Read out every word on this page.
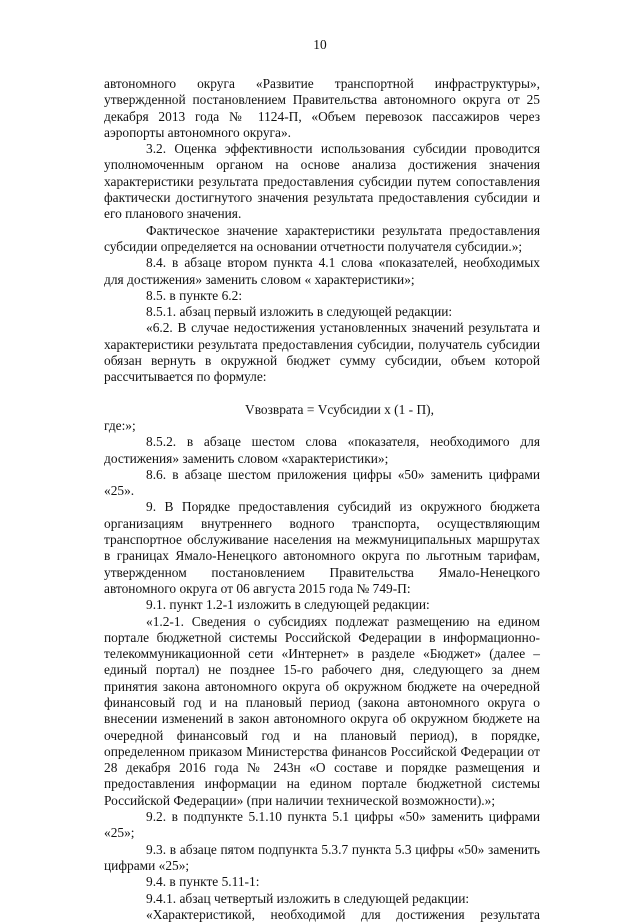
10

автономного округа «Развитие транспортной инфраструктуры», утвержденной постановлением Правительства автономного округа от 25 декабря 2013 года № 1124-П, «Объем перевозок пассажиров через аэропорты автономного округа».

3.2. Оценка эффективности использования субсидии проводится уполномоченным органом на основе анализа достижения значения характеристики результата предоставления субсидии путем сопоставления фактически достигнутого значения результата предоставления субсидии и его планового значения.

Фактическое значение характеристики результата предоставления субсидии определяется на основании отчетности получателя субсидии.»;

8.4. в абзаце втором пункта 4.1 слова «показателей, необходимых для достижения» заменить словом « характеристики»;

8.5. в пункте 6.2:

8.5.1. абзац первый изложить в следующей редакции:

«6.2. В случае недостижения установленных значений результата и характеристики результата предоставления субсидии, получатель субсидии обязан вернуть в окружной бюджет сумму субсидии, объем которой рассчитывается по формуле:

Vвозврата = Vсубсидии x (1 - П),

где:»;

8.5.2. в абзаце шестом слова «показателя, необходимого для достижения» заменить словом «характеристики»;

8.6. в абзаце шестом приложения цифры «50» заменить цифрами «25».

9. В Порядке предоставления субсидий из окружного бюджета организациям внутреннего водного транспорта, осуществляющим транспортное обслуживание населения на межмуниципальных маршрутах в границах Ямало-Ненецкого автономного округа по льготным тарифам, утвержденном постановлением Правительства Ямало-Ненецкого автономного округа от 06 августа 2015 года № 749-П:

9.1. пункт 1.2-1 изложить в следующей редакции:

«1.2-1. Сведения о субсидиях подлежат размещению на едином портале бюджетной системы Российской Федерации в информационно-телекоммуникационной сети «Интернет» в разделе «Бюджет» (далее – единый портал) не позднее 15-го рабочего дня, следующего за днем принятия закона автономного округа об окружном бюджете на очередной финансовый год и на плановый период (закона автономного округа о внесении изменений в закон автономного округа об окружном бюджете на очередной финансовый год и на плановый период), в порядке, определенном приказом Министерства финансов Российской Федерации от 28 декабря 2016 года № 243н «О составе и порядке размещения и предоставления информации на едином портале бюджетной системы Российской Федерации» (при наличии технической возможности).»;

9.2. в подпункте 5.1.10 пункта 5.1 цифры «50» заменить цифрами «25»;

9.3. в абзаце пятом подпункта 5.3.7 пункта 5.3 цифры «50» заменить цифрами «25»;

9.4. в пункте 5.11-1:

9.4.1. абзац четвертый изложить в следующей редакции:

«Характеристикой, необходимой для достижения результата
